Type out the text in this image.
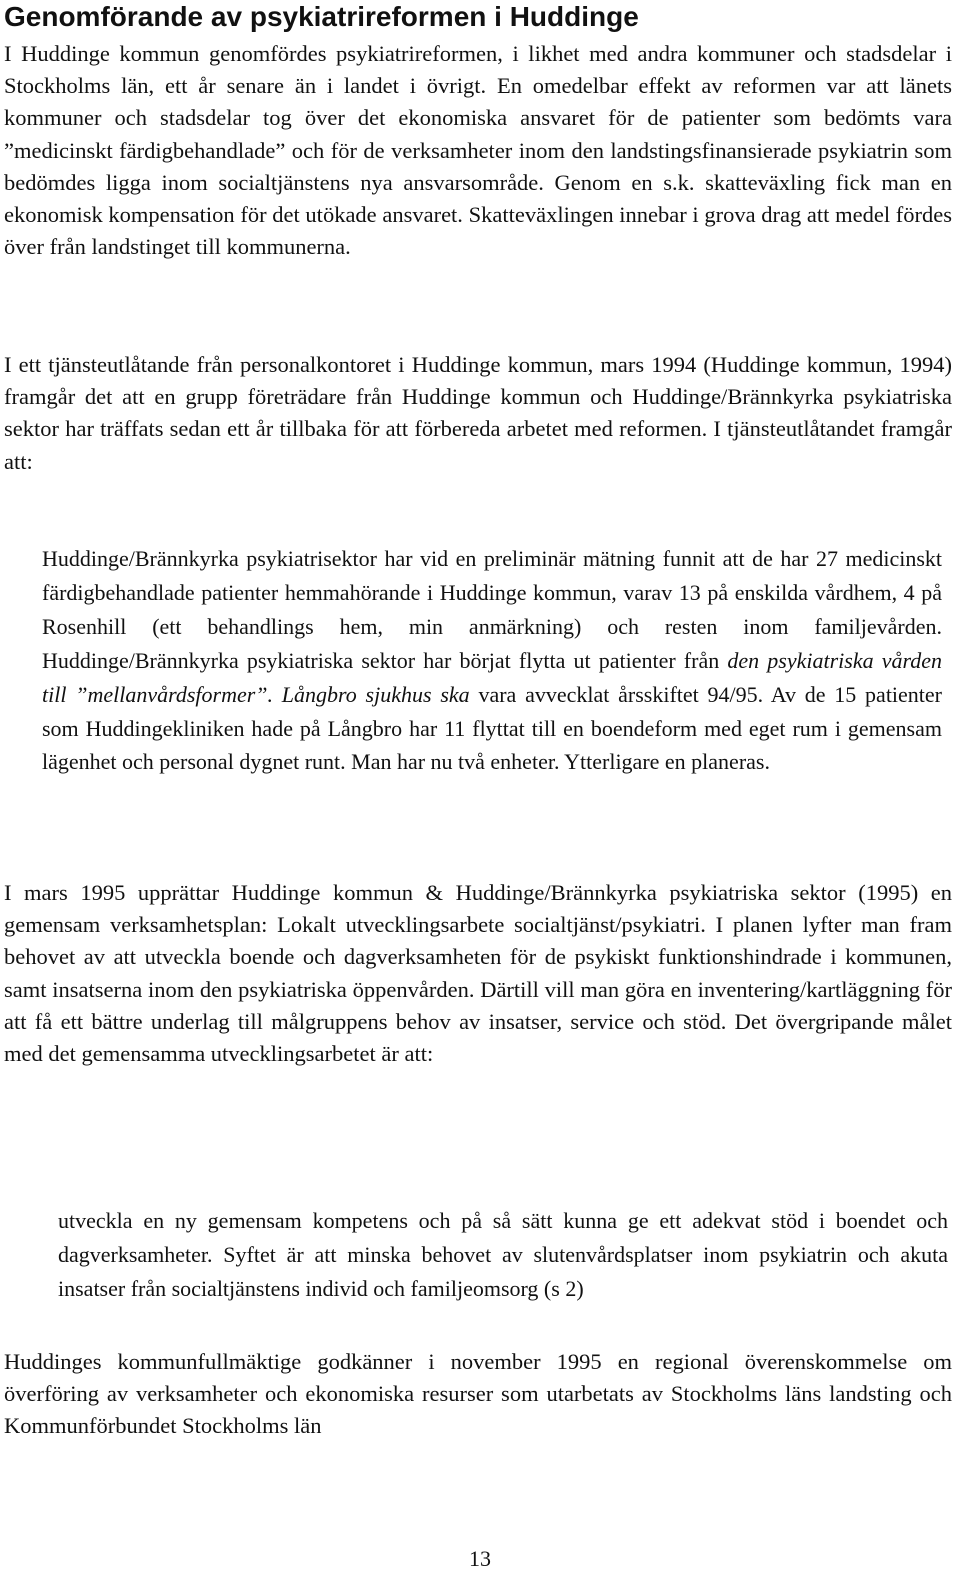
Genomförande av psykiatrireformen i Huddinge

I Huddinge kommun genomfördes psykiatrireformen, i likhet med andra kommuner och stadsdelar i Stockholms län, ett år senare än i landet i övrigt. En omedelbar effekt av reformen var att länets kommuner och stadsdelar tog över det ekonomiska ansvaret för de patienter som bedömts vara ”medicinskt färdigbehandlade” och för de verksamheter inom den landstingsfinansierade psykiatrin som bedömdes ligga inom socialtjänstens nya ansvarsområde. Genom en s.k. skatteväxling fick man en ekonomisk kompensation för det utökade ansvaret. Skatteväxlingen innebar i grova drag att medel fördes över från landstinget till kommunerna.

I ett tjänsteutlåtande från personalkontoret i Huddinge kommun, mars 1994 (Huddinge kommun, 1994) framgår det att en grupp företrädare från Huddinge kommun och Huddinge/Brännkyrka psykiatriska sektor har träffats sedan ett år tillbaka för att förbereda arbetet med reformen. I tjänsteutlåtandet framgår att:

Huddinge/Brännkyrka psykiatrisektor har vid en preliminär mätning funnit att de har 27 medicinskt färdigbehandlade patienter hemmahörande i Huddinge kommun, varav 13 på enskilda vårdhem, 4 på Rosenhill (ett behandlings hem, min anmärkning) och resten inom familjevården. Huddinge/Brännkyrka psykiatriska sektor har börjat flytta ut patienter från den psykiatriska vården till ”mellanvårdsformer”. Långbro sjukhus ska vara avvecklat årsskiftet 94/95. Av de 15 patienter som Huddingekliniken hade på Långbro har 11 flyttat till en boendeform med eget rum i gemensam lägenhet och personal dygnet runt. Man har nu två enheter. Ytterligare en planeras.

I mars 1995 upprättar Huddinge kommun & Huddinge/Brännkyrka psykiatriska sektor (1995) en gemensam verksamhetsplan: Lokalt utvecklingsarbete socialtjänst/psykiatri. I planen lyfter man fram behovet av att utveckla boende och dagverksamheten för de psykiskt funktionshindrade i kommunen, samt insatserna inom den psykiatriska öppenvården. Därtill vill man göra en inventering/kartläggning för att få ett bättre underlag till målgruppens behov av insatser, service och stöd. Det övergripande målet med det gemensamma utvecklingsarbetet är att:

utveckla en ny gemensam kompetens och på så sätt kunna ge ett adekvat stöd i boendet och dagverksamheter. Syftet är att minska behovet av slutenvårdsplatser inom psykiatrin och akuta insatser från socialtjänstens individ och familjeomsorg (s 2)

Huddinges kommunfullmäktige godkänner i november 1995 en regional överenskommelse om överföring av verksamheter och ekonomiska resurser som utarbetats av Stockholms läns landsting och Kommunförbundet Stockholms län

13
